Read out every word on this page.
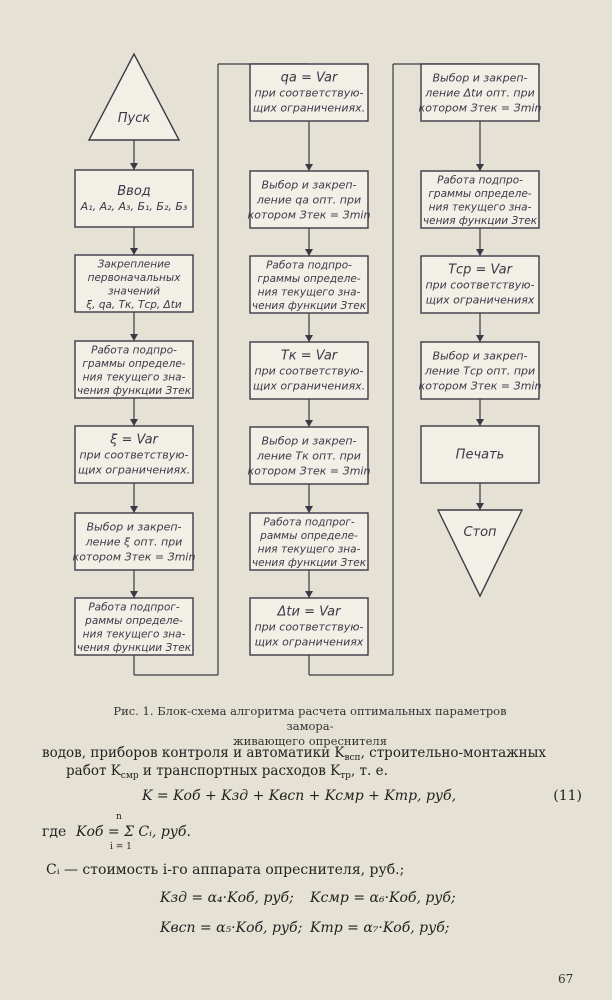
Пуск
Ввод
A₁, A₂, A₃, Б₁, Б₂, Б₃
Закрепление
первоначальных
значений
ξ, qа, Тк, Тср, Δtи
Работа подпро-
граммы определе-
ния текущего зна-
чения функции Зтек
ξ = Var
при соответствую-
щих ограничениях.
Выбор и закреп-
ление ξ опт. при
котором Зтек = Зmin
Работа подпрог-
раммы определе-
ния текущего зна-
чения функции Зтек
qа = Var
при соответствую-
щих ограничениях.
Выбор и закреп-
ление qа опт. при
котором Зтек = Зmin
Работа подпро-
граммы определе-
ния текущего зна-
чения функции Зтек
Тк = Var
при соответствую-
щих ограничениях.
Выбор и закреп-
ление Тк опт. при
котором Зтек = Зmin
Работа подпрог-
раммы определе-
ния текущего зна-
чения функции Зтек
Δtи = Var
при соответствую-
щих ограничениях
Выбор и закреп-
ление Δtи опт. при
котором Зтек = Зmin
Работа подпро-
граммы определе-
ния текущего зна-
чения функции Зтек
Тср = Var
при соответствую-
щих ограничениях
Выбор и закреп-
ление Тср опт. при
котором Зтек = Зmin
Печать
Стоп
Рис. 1. Блок-схема алгоритма расчета оптимальных параметров замора-
живающего опреснителя
водов, приборов контроля и автоматики $K_{всп}$, строительно-монтажных
работ $K_{смр}$ и транспортных расходов $K_{тр}$, т. е.
K = Kоб + Kзд + Kвсп + Kсмр + Kтр, руб,	(11)
где
n
Kоб = Σ Cᵢ, руб.
i = 1
Cᵢ — стоимость i-го аппарата опреснителя, руб.;
Kзд = α₄·Kоб, руб; Kсмр = α₆·Kоб, руб;
Kвсп = α₅·Kоб, руб; Kтр = α₇·Kоб, руб;
67
